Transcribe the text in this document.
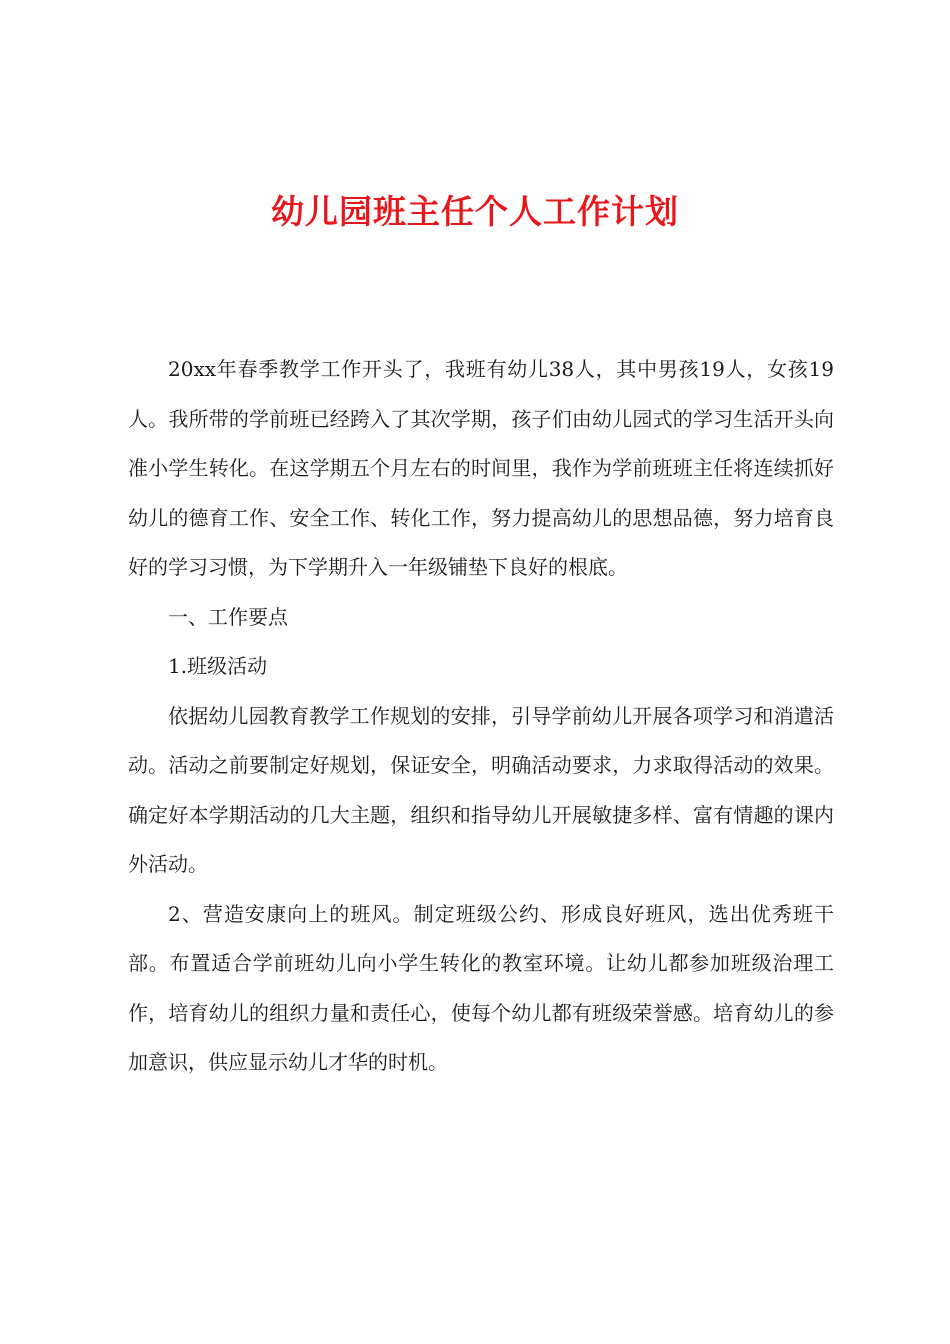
幼儿园班主任个人工作计划

20xx年春季教学工作开头了，我班有幼儿38人，其中男孩19人，女孩19人。我所带的学前班已经跨入了其次学期，孩子们由幼儿园式的学习生活开头向准小学生转化。在这学期五个月左右的时间里，我作为学前班班主任将连续抓好幼儿的德育工作、安全工作、转化工作，努力提高幼儿的思想品德，努力培育良好的学习习惯，为下学期升入一年级铺垫下良好的根底。

一、工作要点

1.班级活动

依据幼儿园教育教学工作规划的安排，引导学前幼儿开展各项学习和消遣活动。活动之前要制定好规划，保证安全，明确活动要求，力求取得活动的效果。确定好本学期活动的几大主题，组织和指导幼儿开展敏捷多样、富有情趣的课内外活动。

2、营造安康向上的班风。制定班级公约、形成良好班风，选出优秀班干部。布置适合学前班幼儿向小学生转化的教室环境。让幼儿都参加班级治理工作，培育幼儿的组织力量和责任心，使每个幼儿都有班级荣誉感。培育幼儿的参加意识，供应显示幼儿才华的时机。
